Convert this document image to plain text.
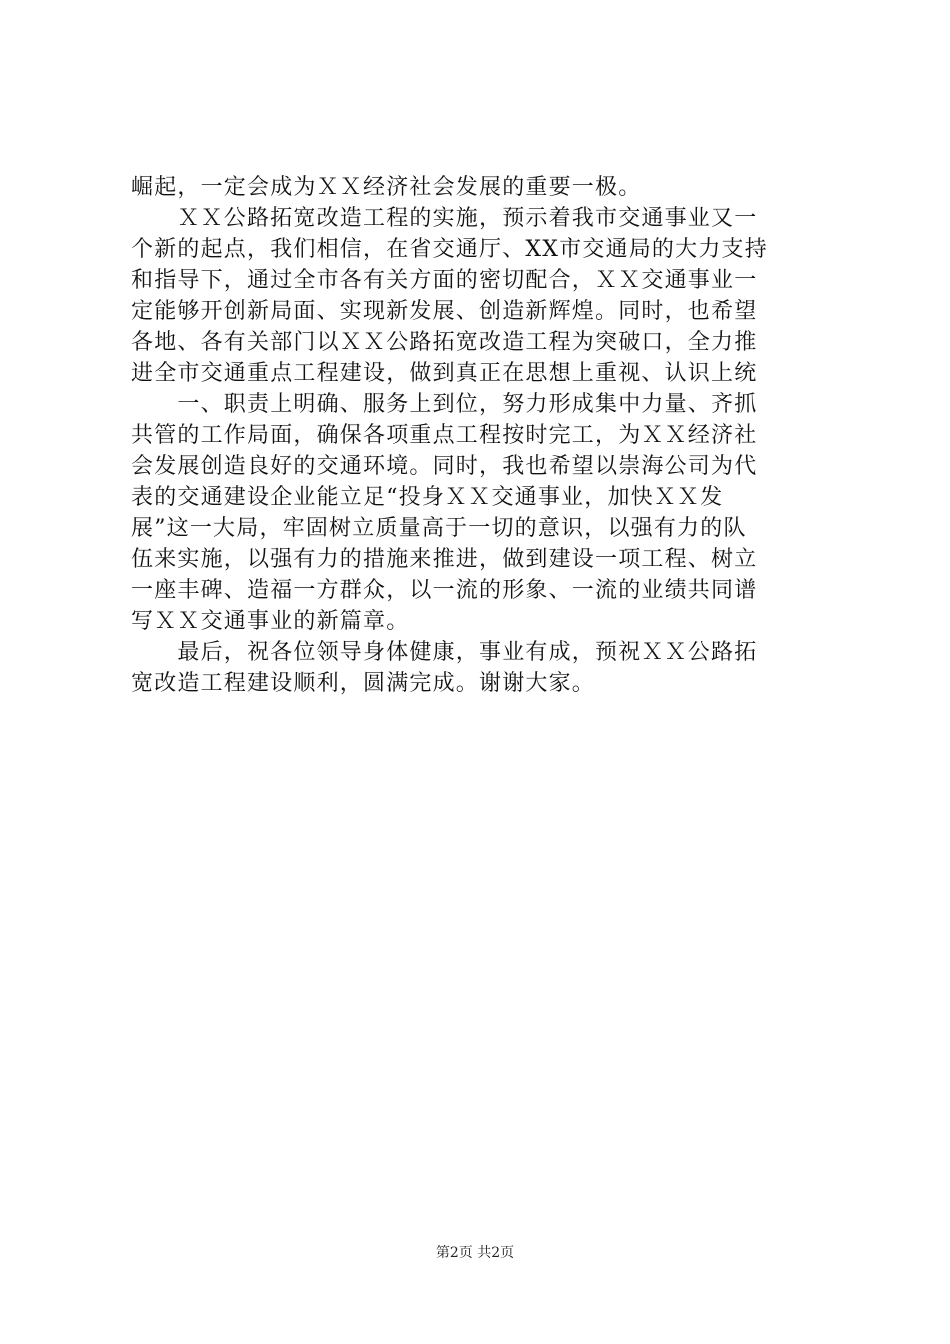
崛起，一定会成为ＸＸ经济社会发展的重要一极。
　　ＸＸ公路拓宽改造工程的实施，预示着我市交通事业又一
个新的起点，我们相信，在省交通厅、XX市交通局的大力支持
和指导下，通过全市各有关方面的密切配合，ＸＸ交通事业一
定能够开创新局面、实现新发展、创造新辉煌。同时，也希望
各地、各有关部门以ＸＸ公路拓宽改造工程为突破口，全力推
进全市交通重点工程建设，做到真正在思想上重视、认识上统
　　一、职责上明确、服务上到位，努力形成集中力量、齐抓
共管的工作局面，确保各项重点工程按时完工，为ＸＸ经济社
会发展创造良好的交通环境。同时，我也希望以崇海公司为代
表的交通建设企业能立足“投身ＸＸ交通事业，加快ＸＸ发
展”这一大局，牢固树立质量高于一切的意识，以强有力的队
伍来实施，以强有力的措施来推进，做到建设一项工程、树立
一座丰碑、造福一方群众，以一流的形象、一流的业绩共同谱
写ＸＸ交通事业的新篇章。
　　最后，祝各位领导身体健康，事业有成，预祝ＸＸ公路拓
宽改造工程建设顺利，圆满完成。谢谢大家。
第2页 共2页
